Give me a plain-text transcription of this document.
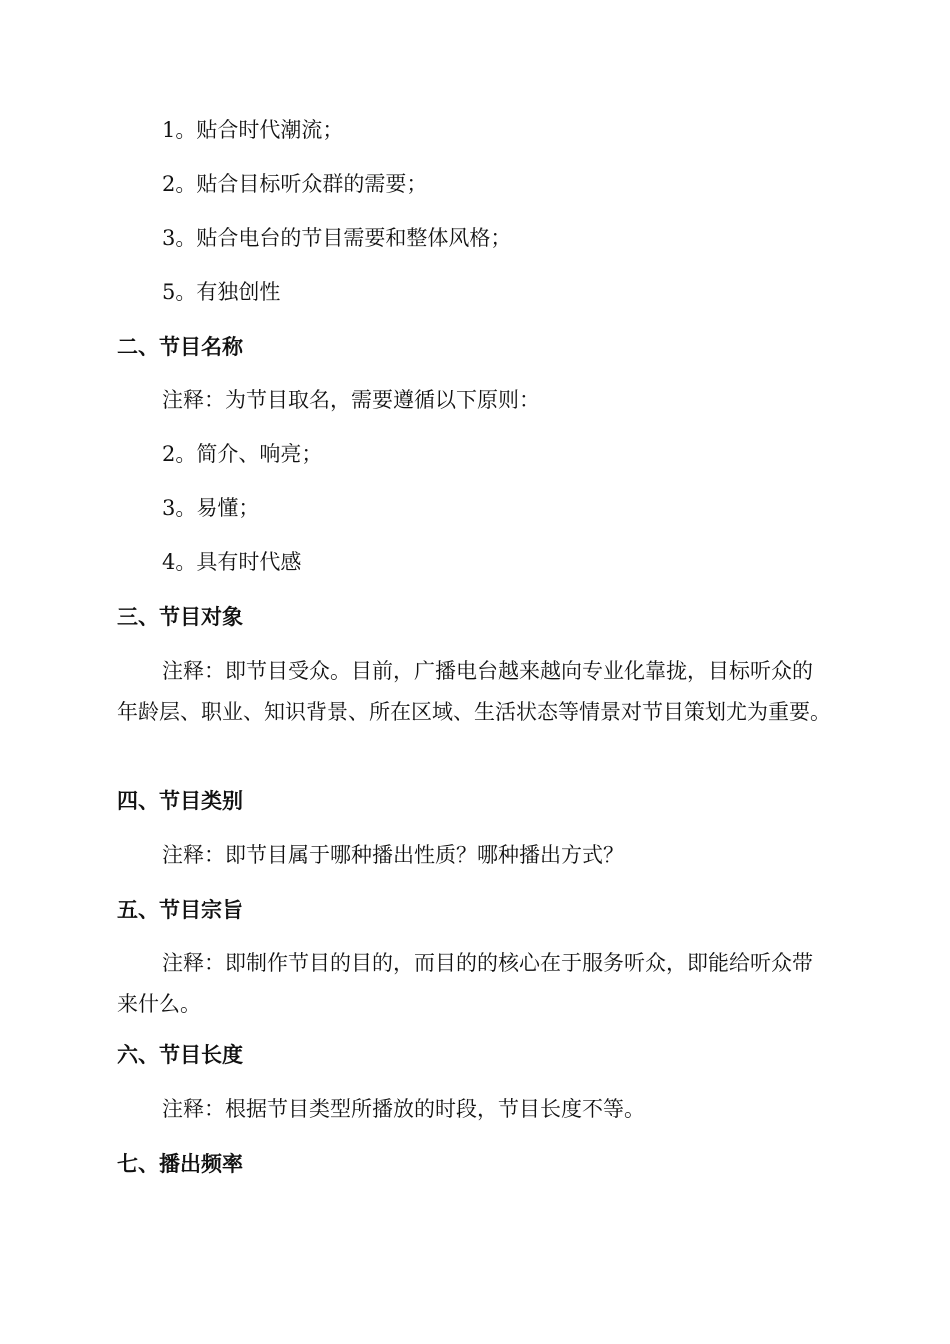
1。贴合时代潮流；
2。贴合目标听众群的需要；
3。贴合电台的节目需要和整体风格；
5。有独创性
二、节目名称
注释：为节目取名，需要遵循以下原则：
2。简介、响亮；
3。易懂；
4。具有时代感
三、节目对象
注释：即节目受众。目前，广播电台越来越向专业化靠拢，目标听众的年龄层、职业、知识背景、所在区域、生活状态等情景对节目策划尤为重要。
四、节目类别
注释：即节目属于哪种播出性质？哪种播出方式？
五、节目宗旨
注释：即制作节目的目的，而目的的核心在于服务听众，即能给听众带来什么。
六、节目长度
注释：根据节目类型所播放的时段，节目长度不等。
七、播出频率
